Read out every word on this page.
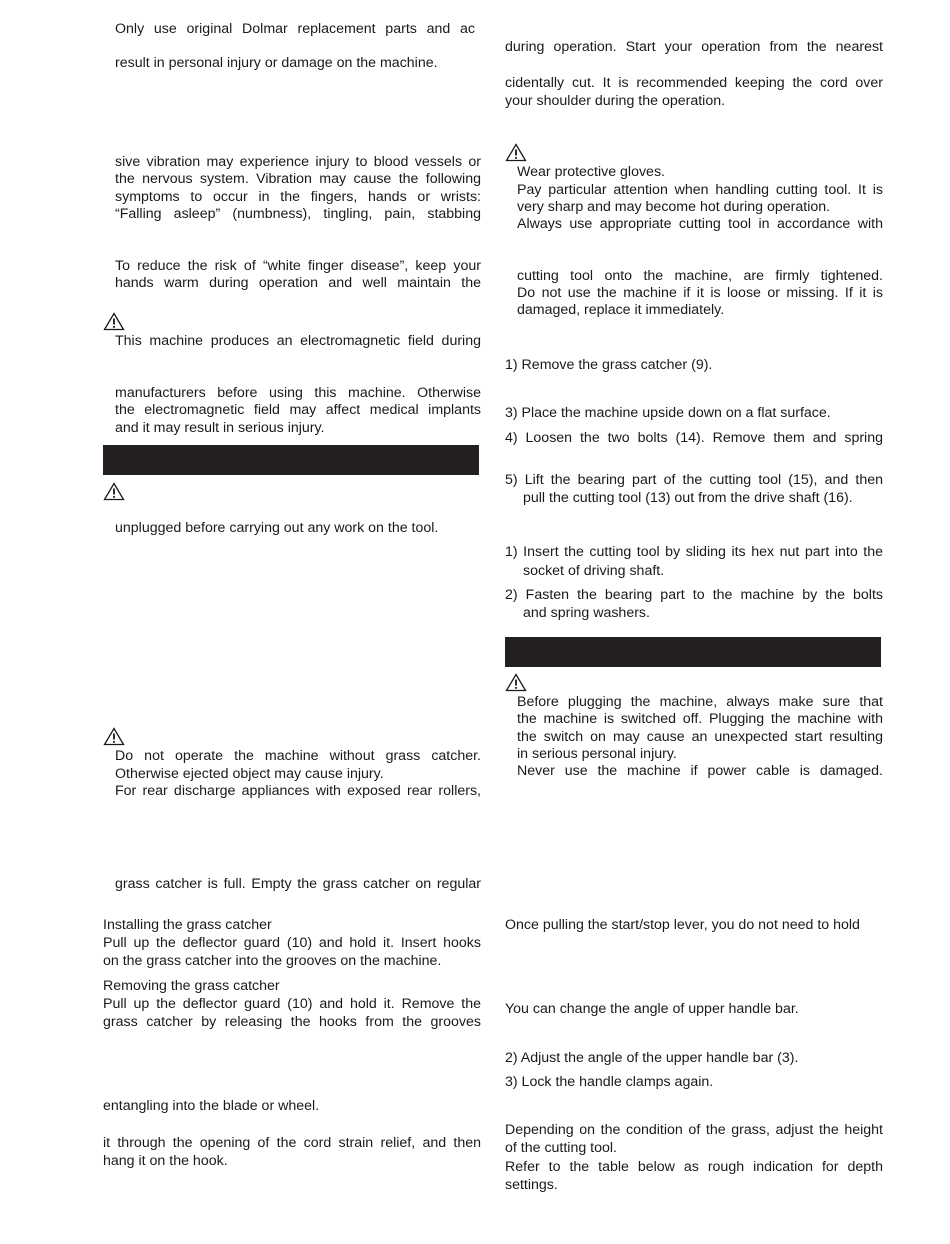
Only use original Dolmar replacement parts and ac
result in personal injury or damage on the machine.
sive vibration may experience injury to blood vessels or
the nervous system. Vibration may cause the following
symptoms to occur in the fingers, hands or wrists:
“Falling asleep” (numbness), tingling, pain, stabbing
To reduce the risk of “white finger disease”, keep your
hands warm during operation and well maintain the
This machine produces an electromagnetic field during
manufacturers before using this machine. Otherwise
the electromagnetic field may affect medical implants
and it may result in serious injury.
unplugged before carrying out any work on the tool.
Do not operate the machine without grass catcher.
Otherwise ejected object may cause injury.
For rear discharge appliances with exposed rear rollers,
grass catcher is full. Empty the grass catcher on regular
Installing the grass catcher
Pull up the deflector guard (10) and hold it. Insert hooks
on the grass catcher into the grooves on the machine.
Removing the grass catcher
Pull up the deflector guard (10) and hold it. Remove the
grass catcher by releasing the hooks from the grooves
entangling into the blade or wheel.
it through the opening of the cord strain relief, and then
hang it on the hook.
during operation. Start your operation from the nearest
cidentally cut. It is recommended keeping the cord over
your shoulder during the operation.
Wear protective gloves.
Pay particular attention when handling cutting tool. It is
very sharp and may become hot during operation.
Always use appropriate cutting tool in accordance with
cutting tool onto the machine, are firmly tightened.
Do not use the machine if it is loose or missing. If it is
damaged, replace it immediately.
1) Remove the grass catcher (9).
3) Place the machine upside down on a flat surface.
4) Loosen the two bolts (14). Remove them and spring
5) Lift the bearing part of the cutting tool (15), and then
pull the cutting tool (13) out from the drive shaft (16).
1) Insert the cutting tool by sliding its hex nut part into the
socket of driving shaft.
2) Fasten the bearing part to the machine by the bolts
and spring washers.
Before plugging the machine, always make sure that
the machine is switched off. Plugging the machine with
the switch on may cause an unexpected start resulting
in serious personal injury.
Never use the machine if power cable is damaged.
Once pulling the start/stop lever, you do not need to hold
You can change the angle of upper handle bar.
2) Adjust the angle of the upper handle bar (3).
3) Lock the handle clamps again.
Depending on the condition of the grass, adjust the height
of the cutting tool.
Refer to the table below as rough indication for depth
settings.
